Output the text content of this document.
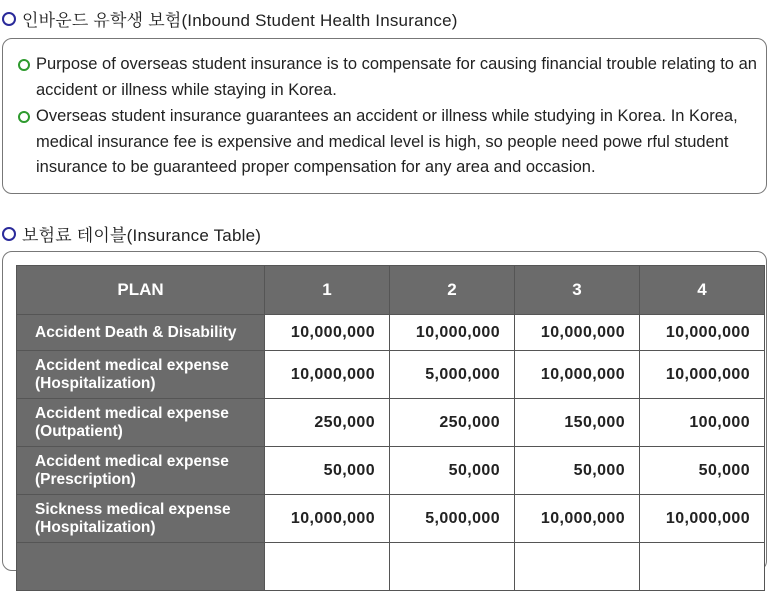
인바운드 유학생 보험(Inbound Student Health Insurance)
Purpose of overseas student insurance is to compensate for causing financial trouble relating to an accident or illness while staying in Korea.
Overseas student insurance guarantees an accident or illness while studying in Korea. In Korea, medical insurance fee is expensive and medical level is high, so people need powe rful student insurance to be guaranteed proper compensation for any area and occasion.
보험료 테이블(Insurance Table)
PLAN	1	2	3	4
Accident Death & Disability	10,000,000	10,000,000	10,000,000	10,000,000
Accident medical expense (Hospitalization)	10,000,000	5,000,000	10,000,000	10,000,000
Accident medical expense (Outpatient)	250,000	250,000	150,000	100,000
Accident medical expense (Prescription)	50,000	50,000	50,000	50,000
Sickness medical expense (Hospitalization)	10,000,000	5,000,000	10,000,000	10,000,000
